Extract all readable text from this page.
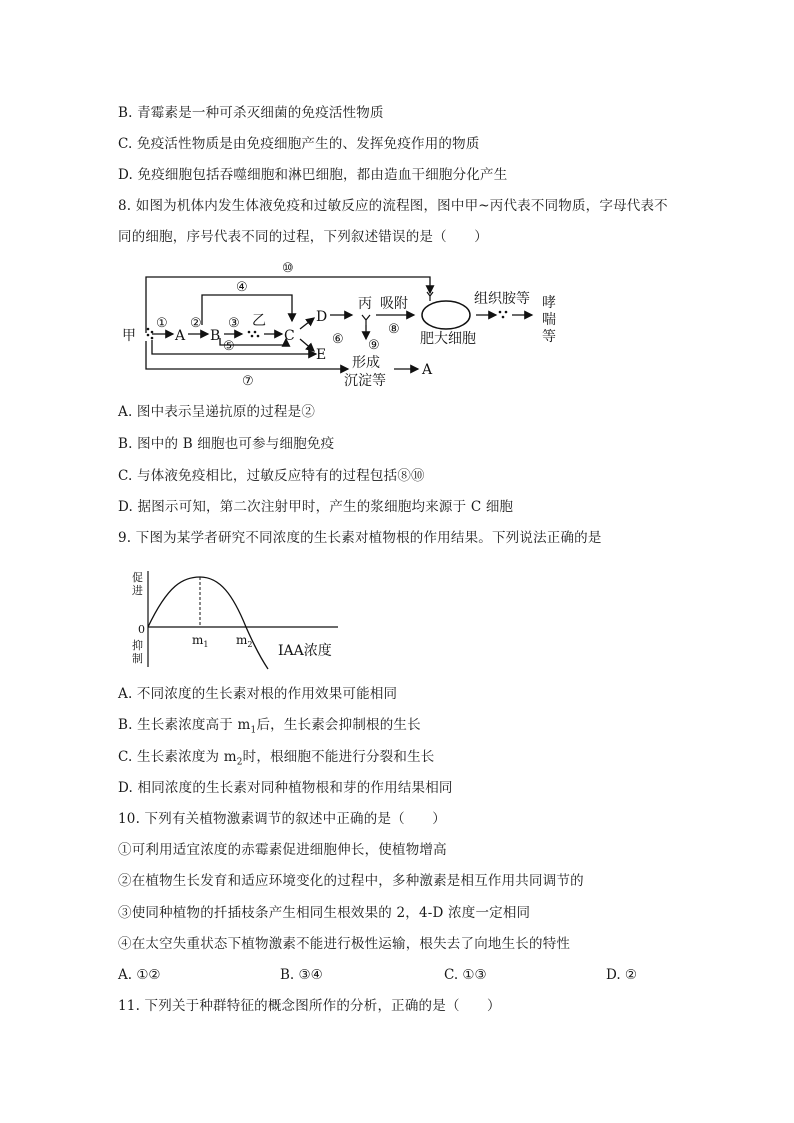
B. 青霉素是一种可杀灭细菌的免疫活性物质
C. 免疫活性物质是由免疫细胞产生的、发挥免疫作用的物质
D. 免疫细胞包括吞噬细胞和淋巴细胞，都由造血干细胞分化产生
8. 如图为机体内发生体液免疫和过敏反应的流程图，图中甲~丙代表不同物质，字母代表不
同的细胞，序号代表不同的过程，下列叙述错误的是（　　）
甲	A B	C
D
E
乙
丙 吸附
肥大细胞
组织胺等 哮
喘
等
形成
沉淀等
A
⑩
④
① ② ③
⑤	⑥
⑦
⑧
⑨
A. 图中表示呈递抗原的过程是②
B. 图中的 B 细胞也可参与细胞免疫
C. 与体液免疫相比，过敏反应特有的过程包括⑧⑩
D. 据图示可知，第二次注射甲时，产生的浆细胞均来源于 C 细胞
9. 下图为某学者研究不同浓度的生长素对植物根的作用结果。下列说法正确的是
促
进
抑
制
0
$m_1$ $m_2$ IAA浓度
A. 不同浓度的生长素对根的作用效果可能相同
B. 生长素浓度高于 $m_1$后，生长素会抑制根的生长
C. 生长素浓度为 $m_2$时，根细胞不能进行分裂和生长
D. 相同浓度的生长素对同种植物根和芽的作用结果相同
10. 下列有关植物激素调节的叙述中正确的是（　　）
①可利用适宜浓度的赤霉素促进细胞伸长，使植物增高
②在植物生长发育和适应环境变化的过程中，多种激素是相互作用共同调节的
③使同种植物的扦插枝条产生相同生根效果的 2，4-D 浓度一定相同
④在太空失重状态下植物激素不能进行极性运输，根失去了向地生长的特性
A. ①②	B. ③④	C. ①③	D. ②
11. 下列关于种群特征的概念图所作的分析，正确的是（　　）
